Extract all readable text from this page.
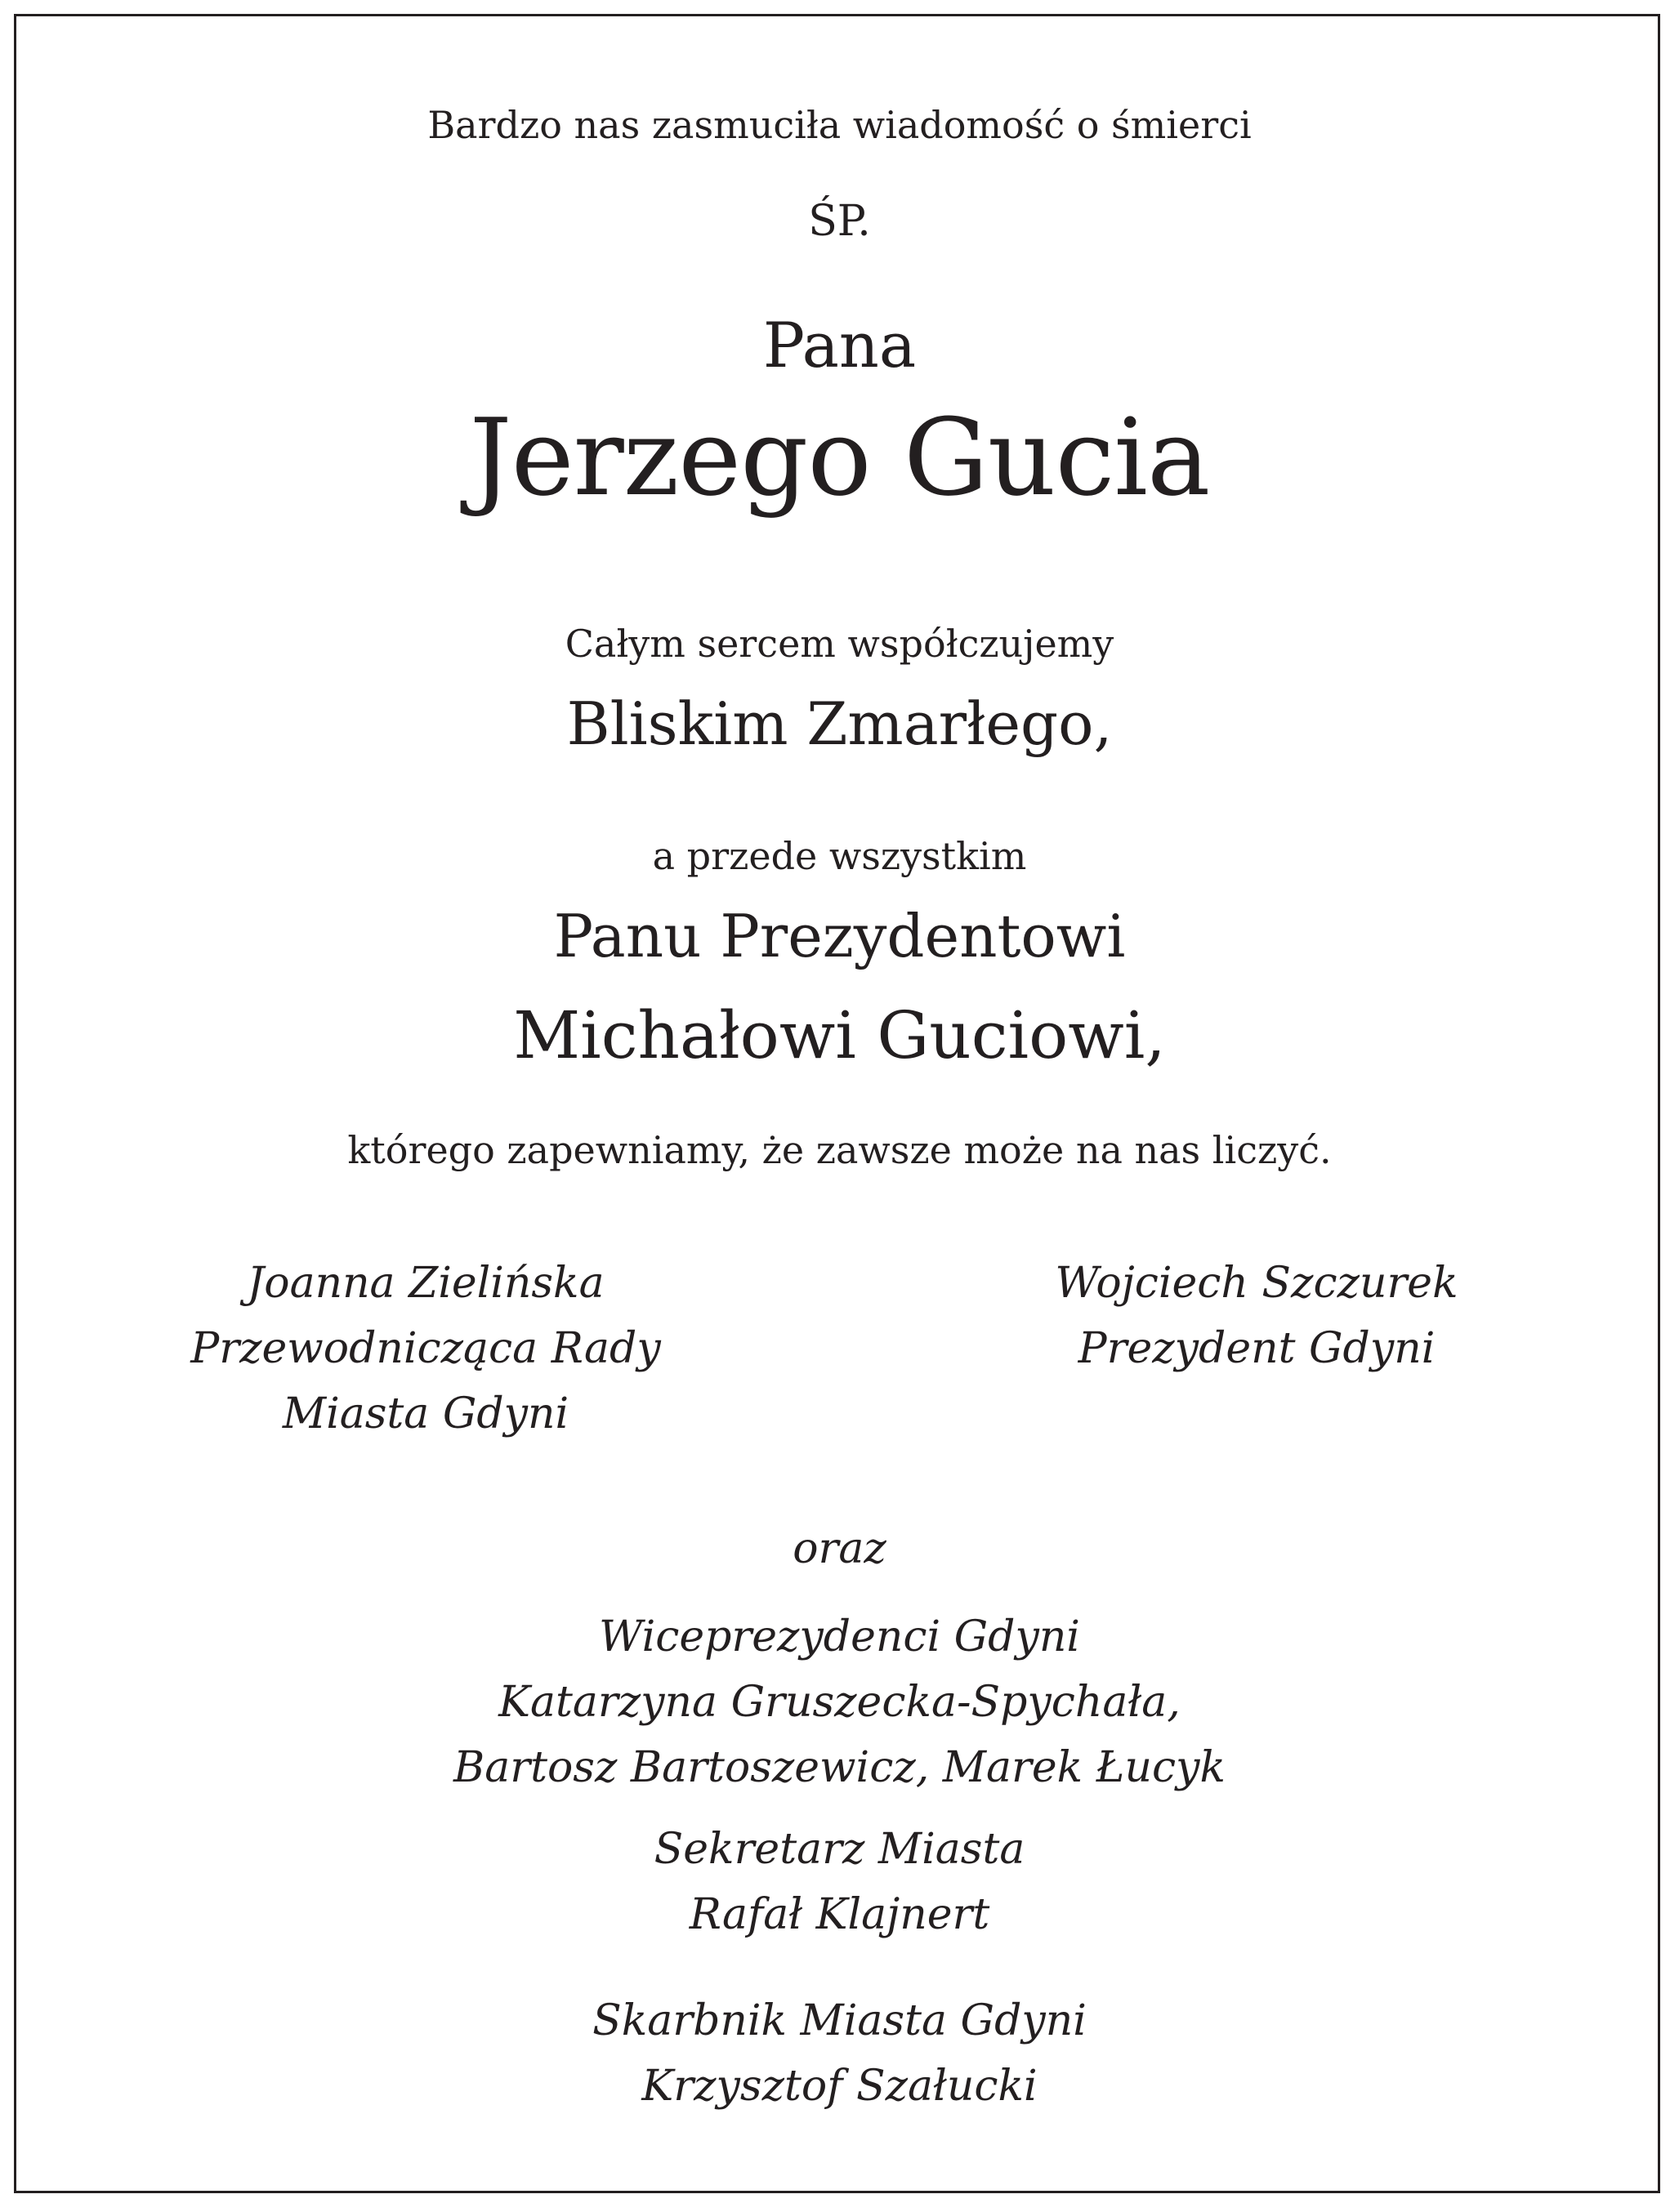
Bardzo nas zasmuciła wiadomość o śmierci
ŚP.
Pana
Jerzego Gucia
Całym sercem współczujemy
Bliskim Zmarłego,
a przede wszystkim
Panu Prezydentowi
Michałowi Guciowi,
którego zapewniamy, że zawsze może na nas liczyć.
Joanna Zielińska
Przewodnicząca Rady
Miasta Gdyni
Wojciech Szczurek
Prezydent Gdyni
oraz
Wiceprezydenci Gdyni
Katarzyna Gruszecka-Spychała,
Bartosz Bartoszewicz, Marek Łucyk
Sekretarz Miasta
Rafał Klajnert
Skarbnik Miasta Gdyni
Krzysztof Szałucki
